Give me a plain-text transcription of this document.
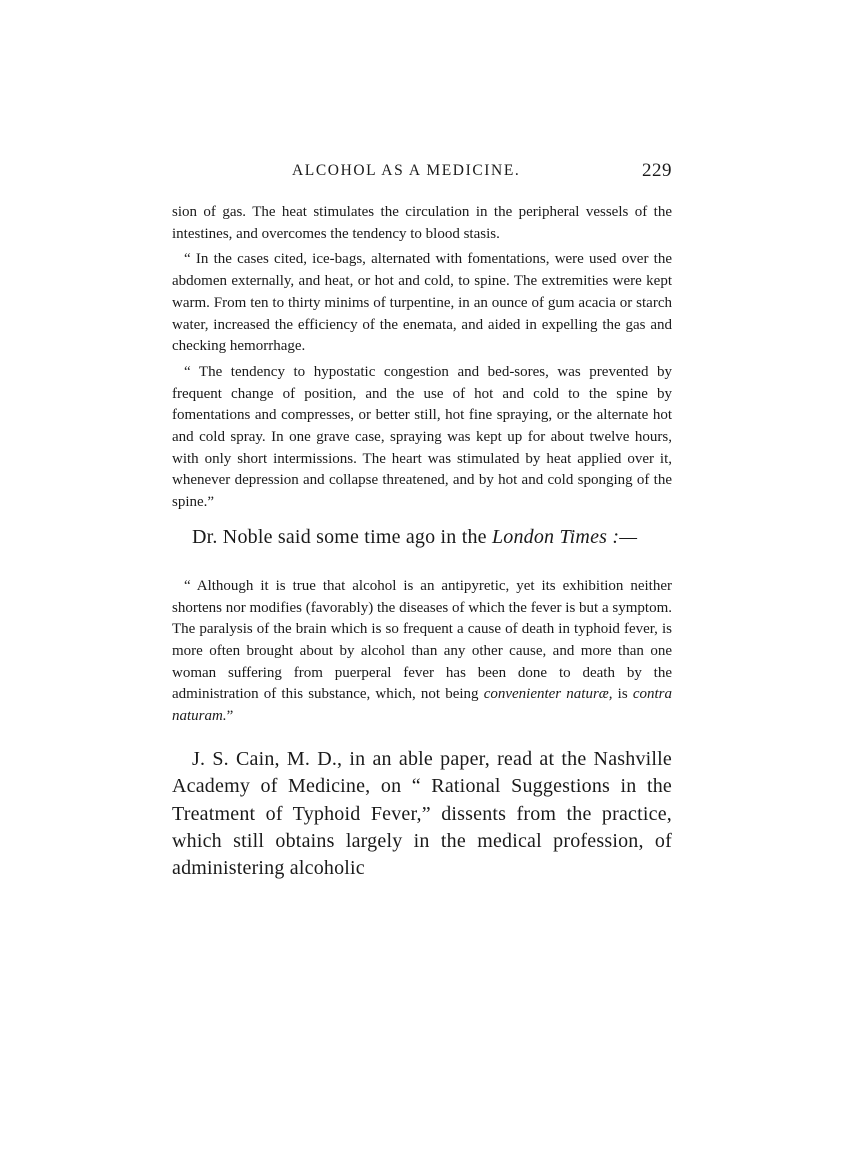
ALCOHOL AS A MEDICINE.	229

sion of gas. The heat stimulates the circulation in the peripheral vessels of the intestines, and overcomes the tendency to blood stasis.

“ In the cases cited, ice-bags, alternated with fomentations, were used over the abdomen externally, and heat, or hot and cold, to spine. The extremities were kept warm. From ten to thirty minims of turpentine, in an ounce of gum acacia or starch water, increased the efficiency of the enemata, and aided in expelling the gas and checking hemorrhage.

“ The tendency to hypostatic congestion and bed-sores, was prevented by frequent change of position, and the use of hot and cold to the spine by fomentations and compresses, or better still, hot fine spraying, or the alternate hot and cold spray. In one grave case, spraying was kept up for about twelve hours, with only short intermissions. The heart was stimulated by heat applied over it, whenever depression and collapse threatened, and by hot and cold sponging of the spine.”

Dr. Noble said some time ago in the London Times :—

“ Although it is true that alcohol is an antipyretic, yet its exhibition neither shortens nor modifies (favorably) the diseases of which the fever is but a symptom. The paralysis of the brain which is so frequent a cause of death in typhoid fever, is more often brought about by alcohol than any other cause, and more than one woman suffering from puerperal fever has been done to death by the administration of this substance, which, not being convenienter naturæ, is contra naturam.”

J. S. Cain, M. D., in an able paper, read at the Nashville Academy of Medicine, on “ Rational Suggestions in the Treatment of Typhoid Fever,” dissents from the practice, which still obtains largely in the medical profession, of administering alcoholic
